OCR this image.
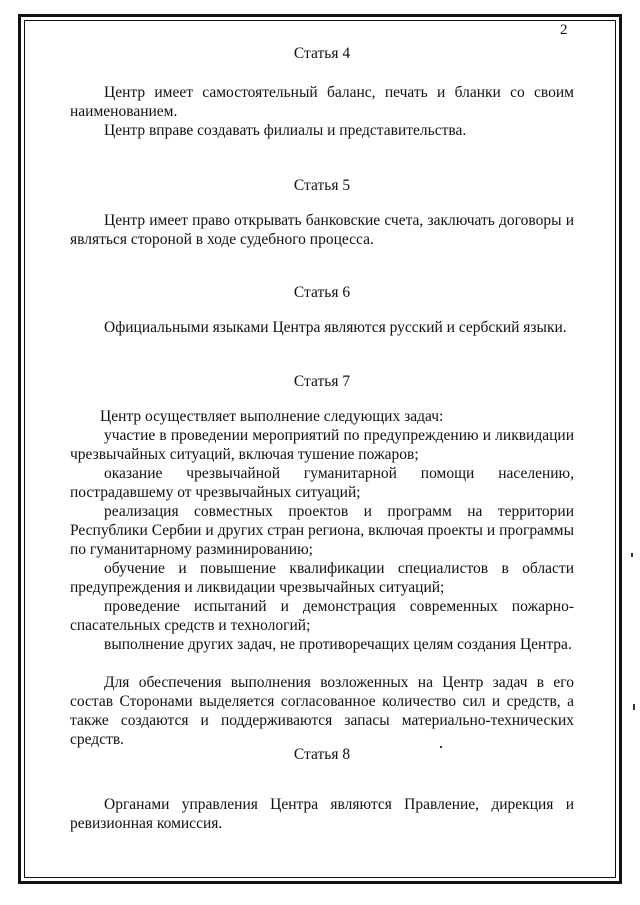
2
Статья 4

Центр имеет самостоятельный баланс, печать и бланки со своим наименованием.

Центр вправе создавать филиалы и представительства.

Статья 5

Центр имеет право открывать банковские счета, заключать договоры и являться стороной в ходе судебного процесса.

Статья 6

Официальными языками Центра являются русский и сербский языки.

Статья 7

Центр осуществляет выполнение следующих задач:

участие в проведении мероприятий по предупреждению и ликвидации чрезвычайных ситуаций, включая тушение пожаров;

оказание чрезвычайной гуманитарной помощи населению, пострадавшему от чрезвычайных ситуаций;

реализация совместных проектов и программ на территории Республики Сербии и других стран региона, включая проекты и программы по гуманитарному разминированию;

обучение и повышение квалификации специалистов в области предупреждения и ликвидации чрезвычайных ситуаций;

проведение испытаний и демонстрация современных пожарно-спасательных средств и технологий;

выполнение других задач, не противоречащих целям создания Центра.

Для обеспечения выполнения возложенных на Центр задач в его состав Сторонами выделяется согласованное количество сил и средств, а также создаются и поддерживаются запасы материально-технических средств.

Статья 8

Органами управления Центра являются Правление, дирекция и ревизионная комиссия.
